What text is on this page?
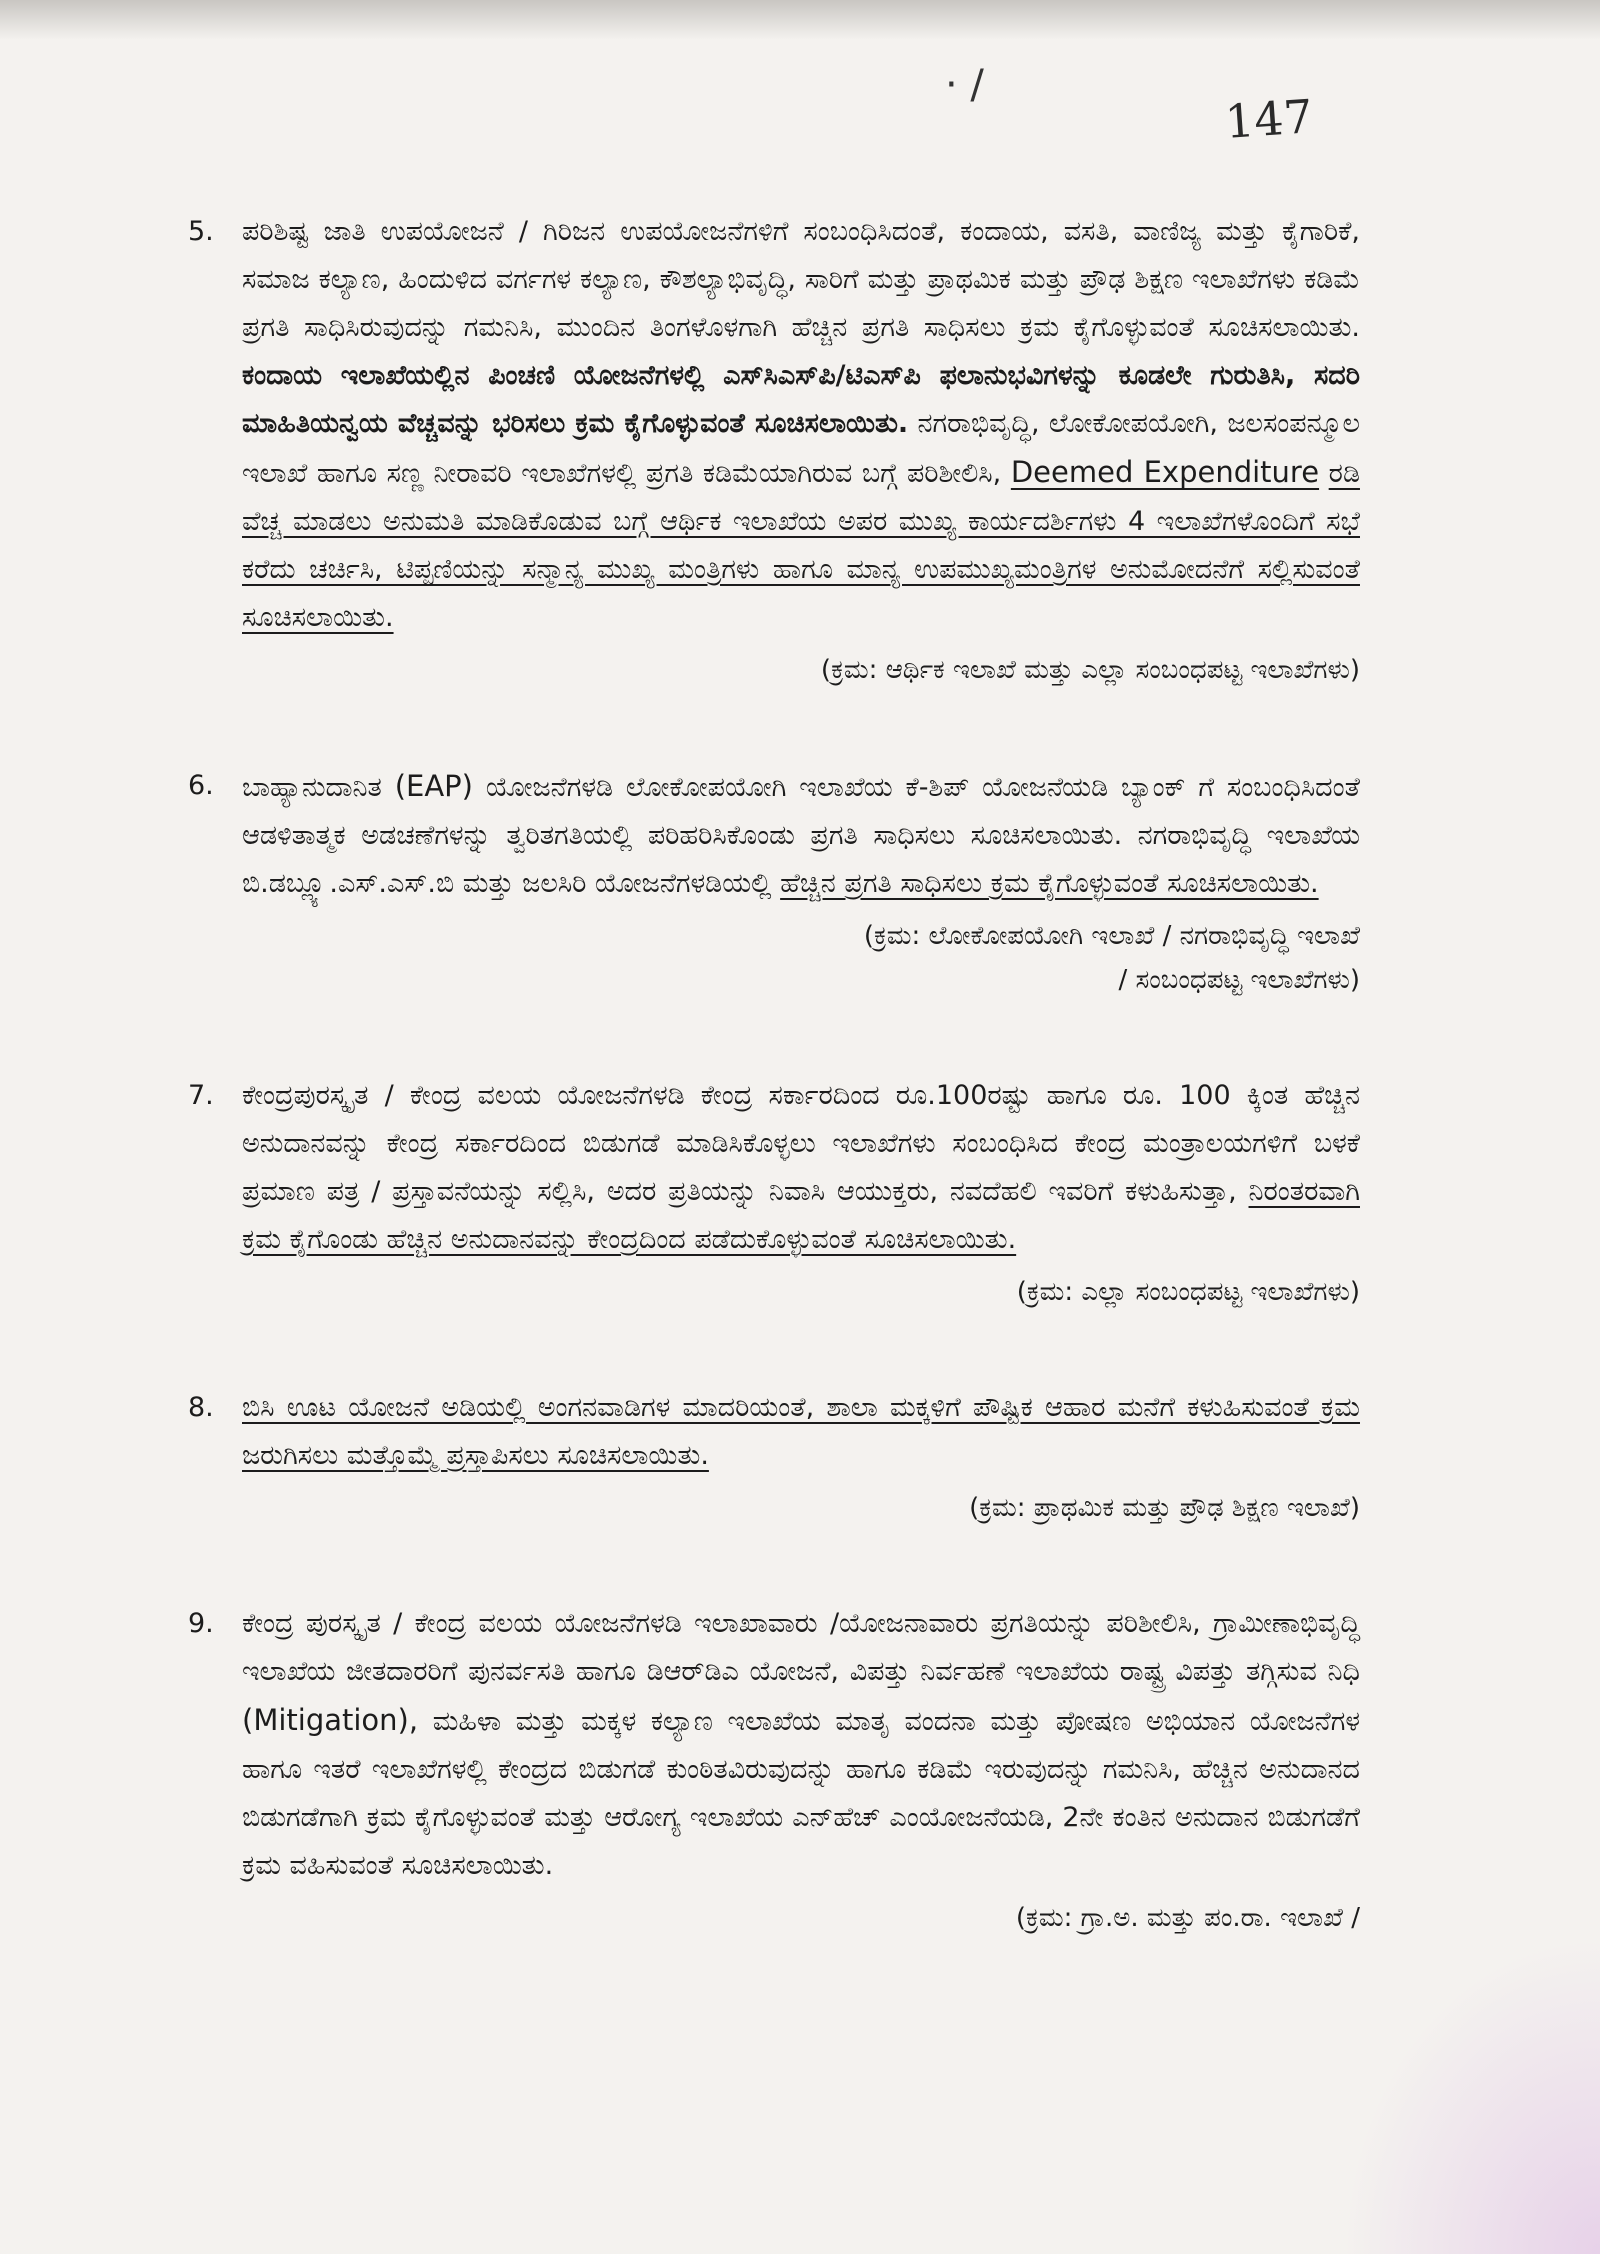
· /
147
5. ಪರಿಶಿಷ್ಟ ಜಾತಿ ಉಪಯೋಜನೆ / ಗಿರಿಜನ ಉಪಯೋಜನೆಗಳಿಗೆ ಸಂಬಂಧಿಸಿದಂತೆ, ಕಂದಾಯ, ವಸತಿ, ವಾಣಿಜ್ಯ ಮತ್ತು ಕೈಗಾರಿಕೆ, ಸಮಾಜ ಕಲ್ಯಾಣ, ಹಿಂದುಳಿದ ವರ್ಗಗಳ ಕಲ್ಯಾಣ, ಕೌಶಲ್ಯಾಭಿವೃದ್ಧಿ, ಸಾರಿಗೆ ಮತ್ತು ಪ್ರಾಥಮಿಕ ಮತ್ತು ಪ್ರೌಢ ಶಿಕ್ಷಣ ಇಲಾಖೆಗಳು ಕಡಿಮೆ ಪ್ರಗತಿ ಸಾಧಿಸಿರುವುದನ್ನು ಗಮನಿಸಿ, ಮುಂದಿನ ತಿಂಗಳೊಳಗಾಗಿ ಹೆಚ್ಚಿನ ಪ್ರಗತಿ ಸಾಧಿಸಲು ಕ್ರಮ ಕೈಗೊಳ್ಳುವಂತೆ ಸೂಚಿಸಲಾಯಿತು. ಕಂದಾಯ ಇಲಾಖೆಯಲ್ಲಿನ ಪಿಂಚಣಿ ಯೋಜನೆಗಳಲ್ಲಿ ಎಸ್‌ಸಿಎಸ್‌ಪಿ/ಟಿಎಸ್‌ಪಿ ಫಲಾನುಭವಿಗಳನ್ನು ಕೂಡಲೇ ಗುರುತಿಸಿ, ಸದರಿ ಮಾಹಿತಿಯನ್ವಯ ವೆಚ್ಚವನ್ನು ಭರಿಸಲು ಕ್ರಮ ಕೈಗೊಳ್ಳುವಂತೆ ಸೂಚಿಸಲಾಯಿತು. ನಗರಾಭಿವೃದ್ಧಿ, ಲೋಕೋಪಯೋಗಿ, ಜಲಸಂಪನ್ಮೂಲ ಇಲಾಖೆ ಹಾಗೂ ಸಣ್ಣ ನೀರಾವರಿ ಇಲಾಖೆಗಳಲ್ಲಿ ಪ್ರಗತಿ ಕಡಿಮೆಯಾಗಿರುವ ಬಗ್ಗೆ ಪರಿಶೀಲಿಸಿ, Deemed Expenditure ರಡಿ ವೆಚ್ಚ ಮಾಡಲು ಅನುಮತಿ ಮಾಡಿಕೊಡುವ ಬಗ್ಗೆ ಆರ್ಥಿಕ ಇಲಾಖೆಯ ಅಪರ ಮುಖ್ಯ ಕಾರ್ಯದರ್ಶಿಗಳು 4 ಇಲಾಖೆಗಳೊಂದಿಗೆ ಸಭೆ ಕರೆದು ಚರ್ಚಿಸಿ, ಟಿಪ್ಪಣಿಯನ್ನು ಸನ್ಮಾನ್ಯ ಮುಖ್ಯ ಮಂತ್ರಿಗಳು ಹಾಗೂ ಮಾನ್ಯ ಉಪಮುಖ್ಯಮಂತ್ರಿಗಳ ಅನುಮೋದನೆಗೆ ಸಲ್ಲಿಸುವಂತೆ ಸೂಚಿಸಲಾಯಿತು.
(ಕ್ರಮ: ಆರ್ಥಿಕ ಇಲಾಖೆ ಮತ್ತು ಎಲ್ಲಾ ಸಂಬಂಧಪಟ್ಟ ಇಲಾಖೆಗಳು)
6. ಬಾಹ್ಯಾನುದಾನಿತ (EAP) ಯೋಜನೆಗಳಡಿ ಲೋಕೋಪಯೋಗಿ ಇಲಾಖೆಯ ಕೆ-ಶಿಪ್ ಯೋಜನೆಯಡಿ ಬ್ಯಾಂಕ್ ಗೆ ಸಂಬಂಧಿಸಿದಂತೆ ಆಡಳಿತಾತ್ಮಕ ಅಡಚಣೆಗಳನ್ನು ತ್ವರಿತಗತಿಯಲ್ಲಿ ಪರಿಹರಿಸಿಕೊಂಡು ಪ್ರಗತಿ ಸಾಧಿಸಲು ಸೂಚಿಸಲಾಯಿತು. ನಗರಾಭಿವೃದ್ಧಿ ಇಲಾಖೆಯ ಬಿ.ಡಬ್ಲ್ಯೂ.ಎಸ್.ಎಸ್.ಬಿ ಮತ್ತು ಜಲಸಿರಿ ಯೋಜನೆಗಳಡಿಯಲ್ಲಿ ಹೆಚ್ಚಿನ ಪ್ರಗತಿ ಸಾಧಿಸಲು ಕ್ರಮ ಕೈಗೊಳ್ಳುವಂತೆ ಸೂಚಿಸಲಾಯಿತು.
(ಕ್ರಮ: ಲೋಕೋಪಯೋಗಿ ಇಲಾಖೆ / ನಗರಾಭಿವೃದ್ಧಿ ಇಲಾಖೆ
/ ಸಂಬಂಧಪಟ್ಟ ಇಲಾಖೆಗಳು)
7. ಕೇಂದ್ರಪುರಸ್ಕೃತ / ಕೇಂದ್ರ ವಲಯ ಯೋಜನೆಗಳಡಿ ಕೇಂದ್ರ ಸರ್ಕಾರದಿಂದ ರೂ.100ರಷ್ಟು ಹಾಗೂ ರೂ. 100 ಕ್ಕಿಂತ ಹೆಚ್ಚಿನ ಅನುದಾನವನ್ನು ಕೇಂದ್ರ ಸರ್ಕಾರದಿಂದ ಬಿಡುಗಡೆ ಮಾಡಿಸಿಕೊಳ್ಳಲು ಇಲಾಖೆಗಳು ಸಂಬಂಧಿಸಿದ ಕೇಂದ್ರ ಮಂತ್ರಾಲಯಗಳಿಗೆ ಬಳಕೆ ಪ್ರಮಾಣ ಪತ್ರ / ಪ್ರಸ್ತಾವನೆಯನ್ನು ಸಲ್ಲಿಸಿ, ಅದರ ಪ್ರತಿಯನ್ನು ನಿವಾಸಿ ಆಯುಕ್ತರು, ನವದೆಹಲಿ ಇವರಿಗೆ ಕಳುಹಿಸುತ್ತಾ, ನಿರಂತರವಾಗಿ ಕ್ರಮ ಕೈಗೊಂಡು ಹೆಚ್ಚಿನ ಅನುದಾನವನ್ನು ಕೇಂದ್ರದಿಂದ ಪಡೆದುಕೊಳ್ಳುವಂತೆ ಸೂಚಿಸಲಾಯಿತು.
(ಕ್ರಮ: ಎಲ್ಲಾ ಸಂಬಂಧಪಟ್ಟ ಇಲಾಖೆಗಳು)
8. ಬಿಸಿ ಊಟ ಯೋಜನೆ ಅಡಿಯಲ್ಲಿ ಅಂಗನವಾಡಿಗಳ ಮಾದರಿಯಂತೆ, ಶಾಲಾ ಮಕ್ಕಳಿಗೆ ಪೌಷ್ಟಿಕ ಆಹಾರ ಮನೆಗೆ ಕಳುಹಿಸುವಂತೆ ಕ್ರಮ ಜರುಗಿಸಲು ಮತ್ತೊಮ್ಮೆ ಪ್ರಸ್ತಾಪಿಸಲು ಸೂಚಿಸಲಾಯಿತು.
(ಕ್ರಮ: ಪ್ರಾಥಮಿಕ ಮತ್ತು ಪ್ರೌಢ ಶಿಕ್ಷಣ ಇಲಾಖೆ)
9. ಕೇಂದ್ರ ಪುರಸ್ಕೃತ / ಕೇಂದ್ರ ವಲಯ ಯೋಜನೆಗಳಡಿ ಇಲಾಖಾವಾರು /ಯೋಜನಾವಾರು ಪ್ರಗತಿಯನ್ನು ಪರಿಶೀಲಿಸಿ, ಗ್ರಾಮೀಣಾಭಿವೃದ್ಧಿ ಇಲಾಖೆಯ ಜೀತದಾರರಿಗೆ ಪುನರ್ವಸತಿ ಹಾಗೂ ಡಿಆರ್‌ಡಿಎ ಯೋಜನೆ, ವಿಪತ್ತು ನಿರ್ವಹಣೆ ಇಲಾಖೆಯ ರಾಷ್ಟ್ರ ವಿಪತ್ತು ತಗ್ಗಿಸುವ ನಿಧಿ (Mitigation), ಮಹಿಳಾ ಮತ್ತು ಮಕ್ಕಳ ಕಲ್ಯಾಣ ಇಲಾಖೆಯ ಮಾತೃ ವಂದನಾ ಮತ್ತು ಪೋಷಣ ಅಭಿಯಾನ ಯೋಜನೆಗಳ ಹಾಗೂ ಇತರೆ ಇಲಾಖೆಗಳಲ್ಲಿ ಕೇಂದ್ರದ ಬಿಡುಗಡೆ ಕುಂಠಿತವಿರುವುದನ್ನು ಹಾಗೂ ಕಡಿಮೆ ಇರುವುದನ್ನು ಗಮನಿಸಿ, ಹೆಚ್ಚಿನ ಅನುದಾನದ ಬಿಡುಗಡೆಗಾಗಿ ಕ್ರಮ ಕೈಗೊಳ್ಳುವಂತೆ ಮತ್ತು ಆರೋಗ್ಯ ಇಲಾಖೆಯ ಎನ್‌ಹೆಚ್ ಎಂಯೋಜನೆಯಡಿ, 2ನೇ ಕಂತಿನ ಅನುದಾನ ಬಿಡುಗಡೆಗೆ ಕ್ರಮ ವಹಿಸುವಂತೆ ಸೂಚಿಸಲಾಯಿತು.
(ಕ್ರಮ: ಗ್ರಾ.ಅ. ಮತ್ತು ಪಂ.ರಾ. ಇಲಾಖೆ /
